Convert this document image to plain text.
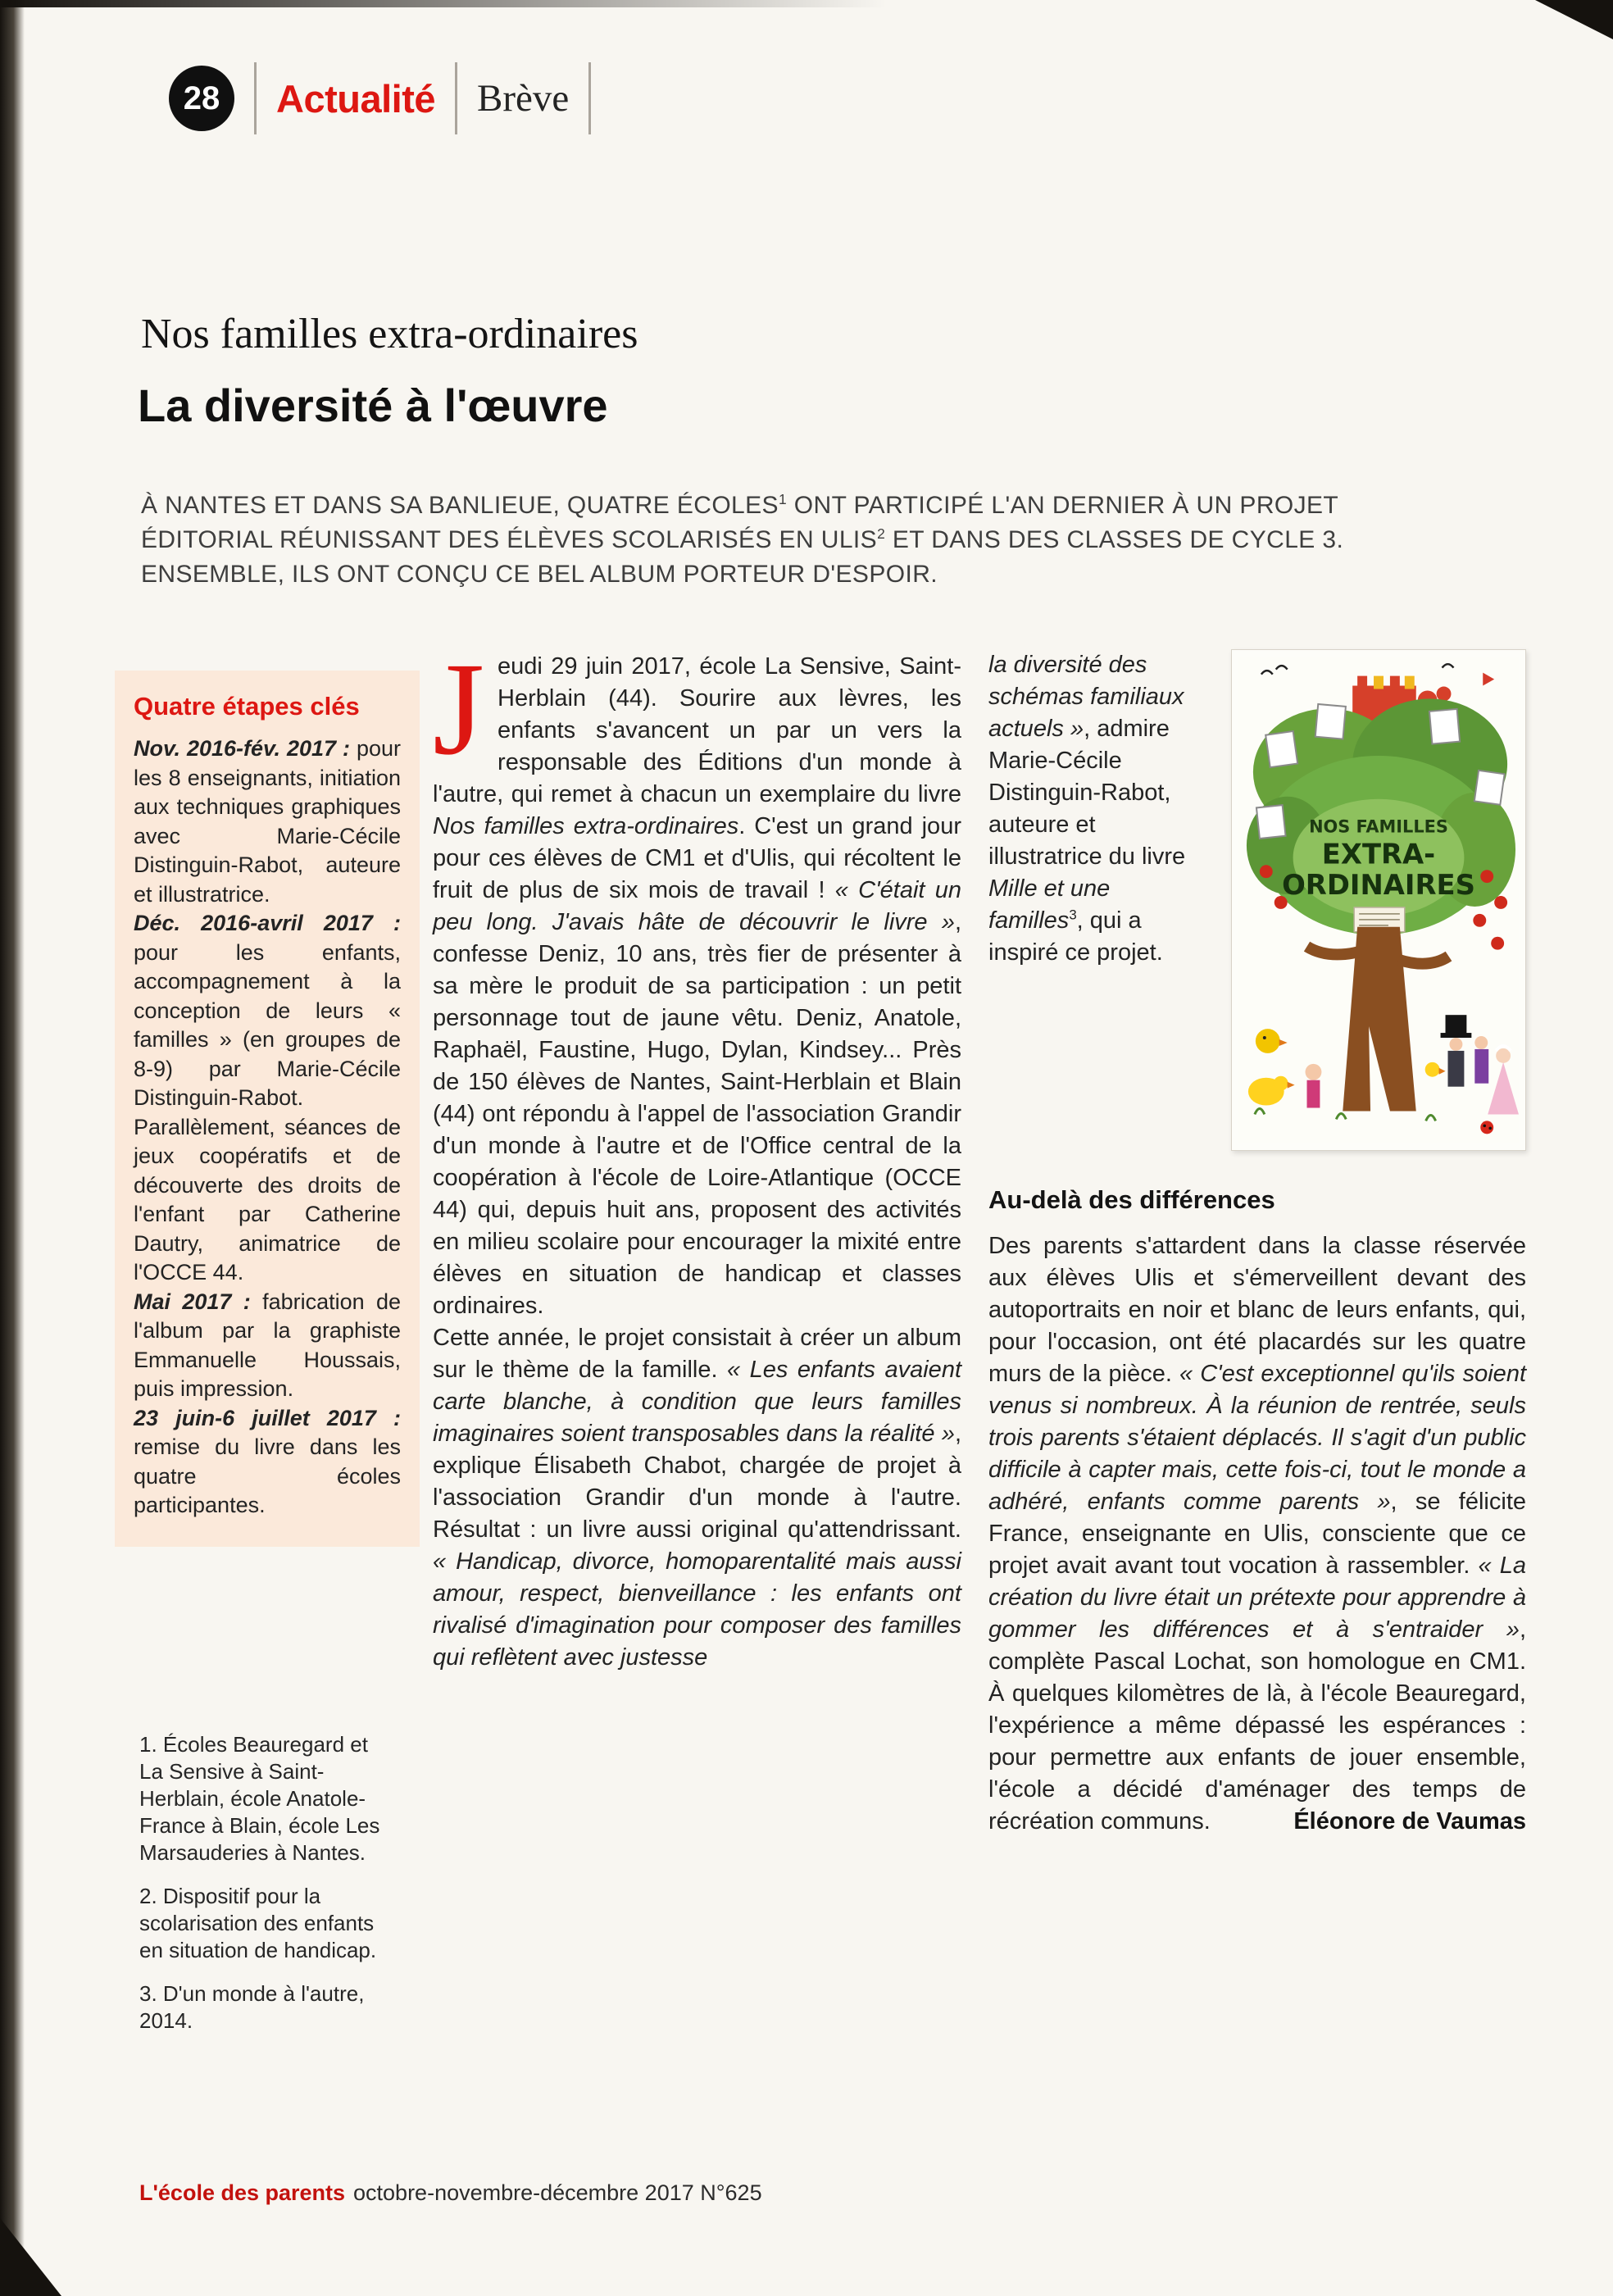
28	Actualité Brève
Nos familles extra-ordinaires
La diversité à l'œuvre

À NANTES ET DANS SA BANLIEUE, QUATRE ÉCOLES$^1$ ONT PARTICIPÉ L'AN DERNIER À UN PROJET ÉDITORIAL RÉUNISSANT DES ÉLÈVES SCOLARISÉS EN ULIS$^2$ ET DANS DES CLASSES DE CYCLE 3. ENSEMBLE, ILS ONT CONÇU CE BEL ALBUM PORTEUR D'ESPOIR.

Quatre étapes clés

Nov. 2016-fév. 2017 : pour les 8 enseignants, initiation aux techniques graphiques avec Marie-Cécile Distinguin-Rabot, auteure et illustratrice.

Déc. 2016-avril 2017 : pour les enfants, accompagnement à la conception de leurs « familles » (en groupes de 8-9) par Marie-Cécile Distinguin-Rabot. Parallèlement, séances de jeux coopératifs et de découverte des droits de l'enfant par Catherine Dautry, animatrice de l'OCCE 44.

Mai 2017 : fabrication de l'album par la graphiste Emmanuelle Houssais, puis impression.

23 juin-6 juillet 2017 : remise du livre dans les quatre écoles participantes.

1. Écoles Beauregard et La Sensive à Saint-Herblain, école Anatole-France à Blain, école Les Marsauderies à Nantes.

2. Dispositif pour la scolarisation des enfants en situation de handicap.

3. D'un monde à l'autre, 2014.

Jeudi 29 juin 2017, école La Sensive, Saint-Herblain (44). Sourire aux lèvres, les enfants s'avancent un par un vers la responsable des Éditions d'un monde à l'autre, qui remet à chacun un exemplaire du livre Nos familles extra-ordinaires. C'est un grand jour pour ces élèves de CM1 et d'Ulis, qui récoltent le fruit de plus de six mois de travail ! « C'était un peu long. J'avais hâte de découvrir le livre », confesse Deniz, 10 ans, très fier de présenter à sa mère le produit de sa participation : un petit personnage tout de jaune vêtu. Deniz, Anatole, Raphaël, Faustine, Hugo, Dylan, Kindsey... Près de 150 élèves de Nantes, Saint-Herblain et Blain (44) ont répondu à l'appel de l'association Grandir d'un monde à l'autre et de l'Office central de la coopération à l'école de Loire-Atlantique (OCCE 44) qui, depuis huit ans, proposent des activités en milieu scolaire pour encourager la mixité entre élèves en situation de handicap et classes ordinaires.

Cette année, le projet consistait à créer un album sur le thème de la famille. « Les enfants avaient carte blanche, à condition que leurs familles imaginaires soient transposables dans la réalité », explique Élisabeth Chabot, chargée de projet à l'association Grandir d'un monde à l'autre. Résultat : un livre aussi original qu'attendrissant. « Handicap, divorce, homoparentalité mais aussi amour, respect, bienveillance : les enfants ont rivalisé d'imagination pour composer des familles qui reflètent avec justesse

la diversité des schémas familiaux actuels », admire Marie-Cécile Distinguin-Rabot, auteure et illustratrice du livre Mille et une familles$^3$, qui a inspiré ce projet.
NOS FAMILLES
EXTRA-
ORDINAIRES
Au-delà des différences

Des parents s'attardent dans la classe réservée aux élèves Ulis et s'émerveillent devant des autoportraits en noir et blanc de leurs enfants, qui, pour l'occasion, ont été placardés sur les quatre murs de la pièce. « C'est exceptionnel qu'ils soient venus si nombreux. À la réunion de rentrée, seuls trois parents s'étaient déplacés. Il s'agit d'un public difficile à capter mais, cette fois-ci, tout le monde a adhéré, enfants comme parents », se félicite France, enseignante en Ulis, consciente que ce projet avait avant tout vocation à rassembler. « La création du livre était un prétexte pour apprendre à gommer les différences et à s'entraider », complète Pascal Lochat, son homologue en CM1. À quelques kilomètres de là, à l'école Beauregard, l'expérience a même dépassé les espérances : pour permettre aux enfants de jouer ensemble, l'école a décidé d'aménager des temps de récréation communs.	Éléonore de Vaumas
L'école des parents octobre-novembre-décembre 2017 N°625
